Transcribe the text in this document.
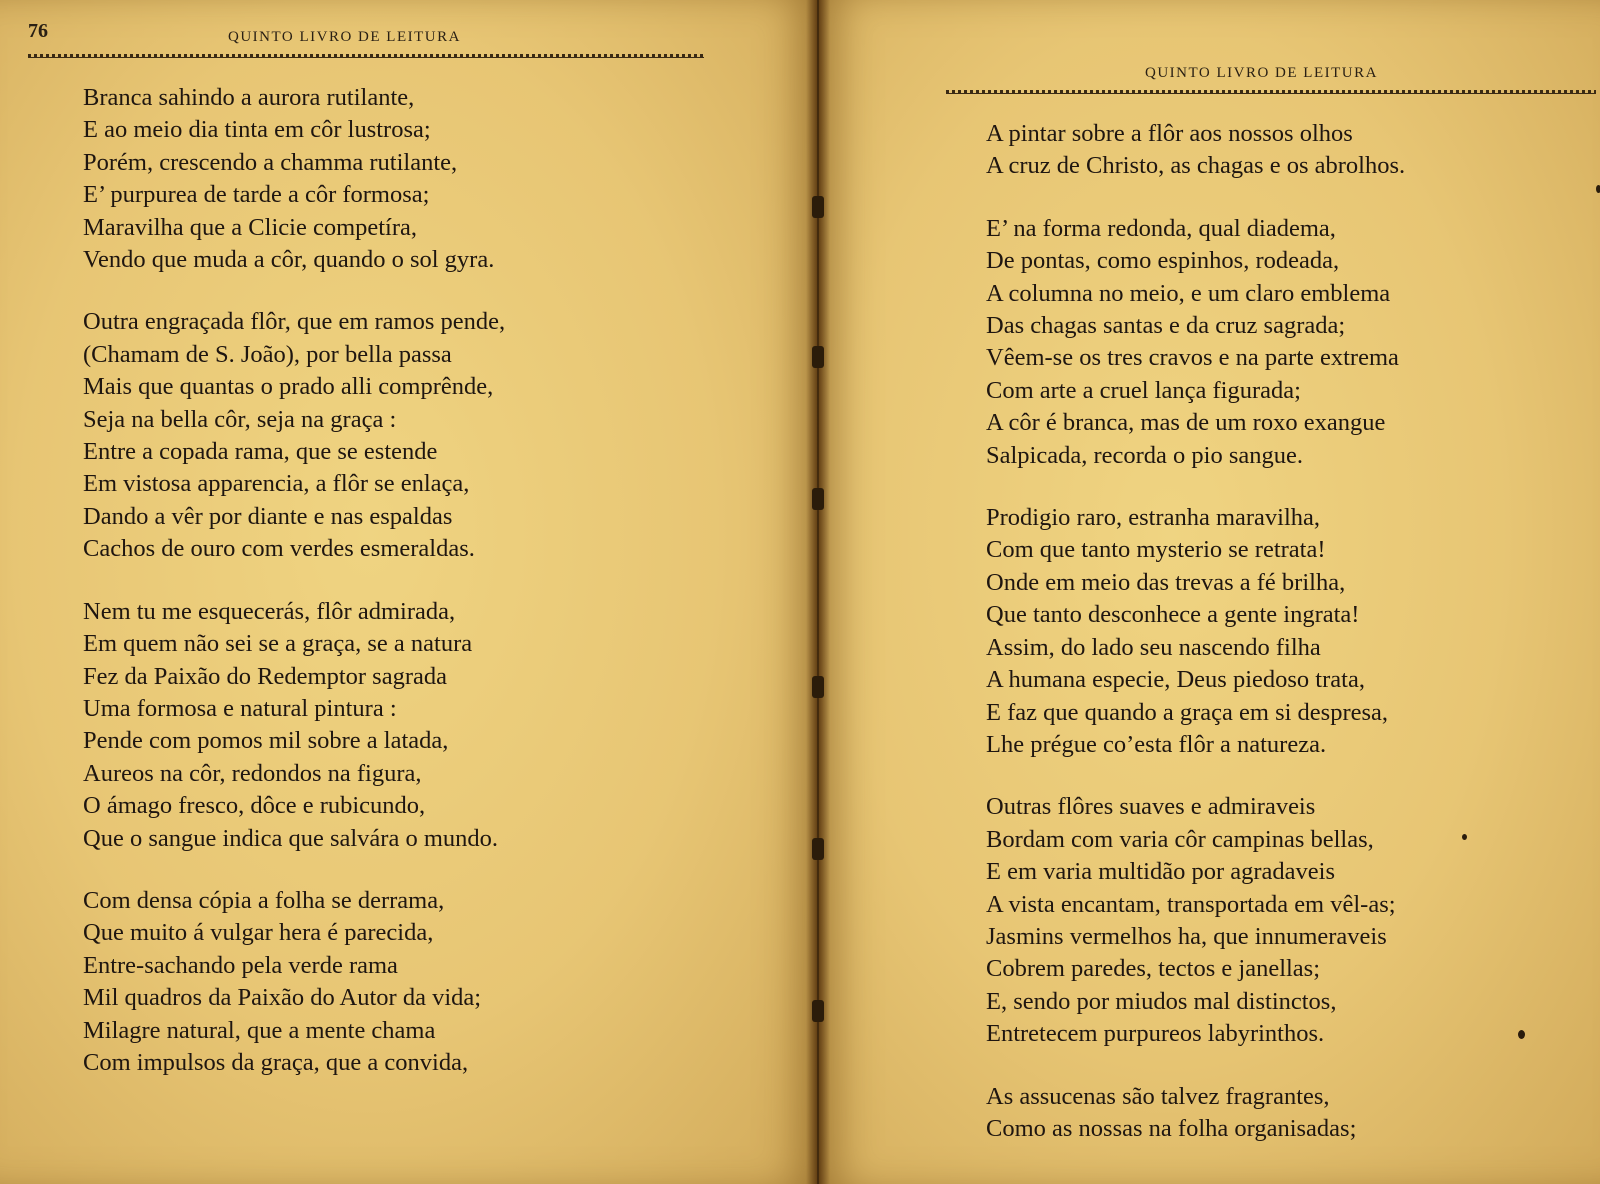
76	QUINTO LIVRO DE LEITURA
Branca sahindo a aurora rutilante,
E ao meio dia tinta em côr lustrosa;
Porém, crescendo a chamma rutilante,
E’ purpurea de tarde a côr formosa;
Maravilha que a Clicie competíra,
Vendo que muda a côr, quando o sol gyra.
Outra engraçada flôr, que em ramos pende,
(Chamam de S. João), por bella passa
Mais que quantas o prado alli comprênde,
Seja na bella côr, seja na graça :
Entre a copada rama, que se estende
Em vistosa apparencia, a flôr se enlaça,
Dando a vêr por diante e nas espaldas
Cachos de ouro com verdes esmeraldas.
Nem tu me esquecerás, flôr admirada,
Em quem não sei se a graça, se a natura
Fez da Paixão do Redemptor sagrada
Uma formosa e natural pintura :
Pende com pomos mil sobre a latada,
Aureos na côr, redondos na figura,
O ámago fresco, dôce e rubicundo,
Que o sangue indica que salvára o mundo.
Com densa cópia a folha se derrama,
Que muito á vulgar hera é parecida,
Entre-sachando pela verde rama
Mil quadros da Paixão do Autor da vida;
Milagre natural, que a mente chama
Com impulsos da graça, que a convida,
QUINTO LIVRO DE LEITURA
A pintar sobre a flôr aos nossos olhos
A cruz de Christo, as chagas e os abrolhos.
E’ na forma redonda, qual diadema,
De pontas, como espinhos, rodeada,
A columna no meio, e um claro emblema
Das chagas santas e da cruz sagrada;
Vêem-se os tres cravos e na parte extrema
Com arte a cruel lança figurada;
A côr é branca, mas de um roxo exangue
Salpicada, recorda o pio sangue.
Prodigio raro, estranha maravilha,
Com que tanto mysterio se retrata!
Onde em meio das trevas a fé brilha,
Que tanto desconhece a gente ingrata!
Assim, do lado seu nascendo filha
A humana especie, Deus piedoso trata,
E faz que quando a graça em si despresa,
Lhe prégue co’esta flôr a natureza.
Outras flôres suaves e admiraveis
Bordam com varia côr campinas bellas,
E em varia multidão por agradaveis
A vista encantam, transportada em vêl-as;
Jasmins vermelhos ha, que innumeraveis
Cobrem paredes, tectos e janellas;
E, sendo por miudos mal distinctos,
Entretecem purpureos labyrinthos.
As assucenas são talvez fragrantes,
Como as nossas na folha organisadas;
